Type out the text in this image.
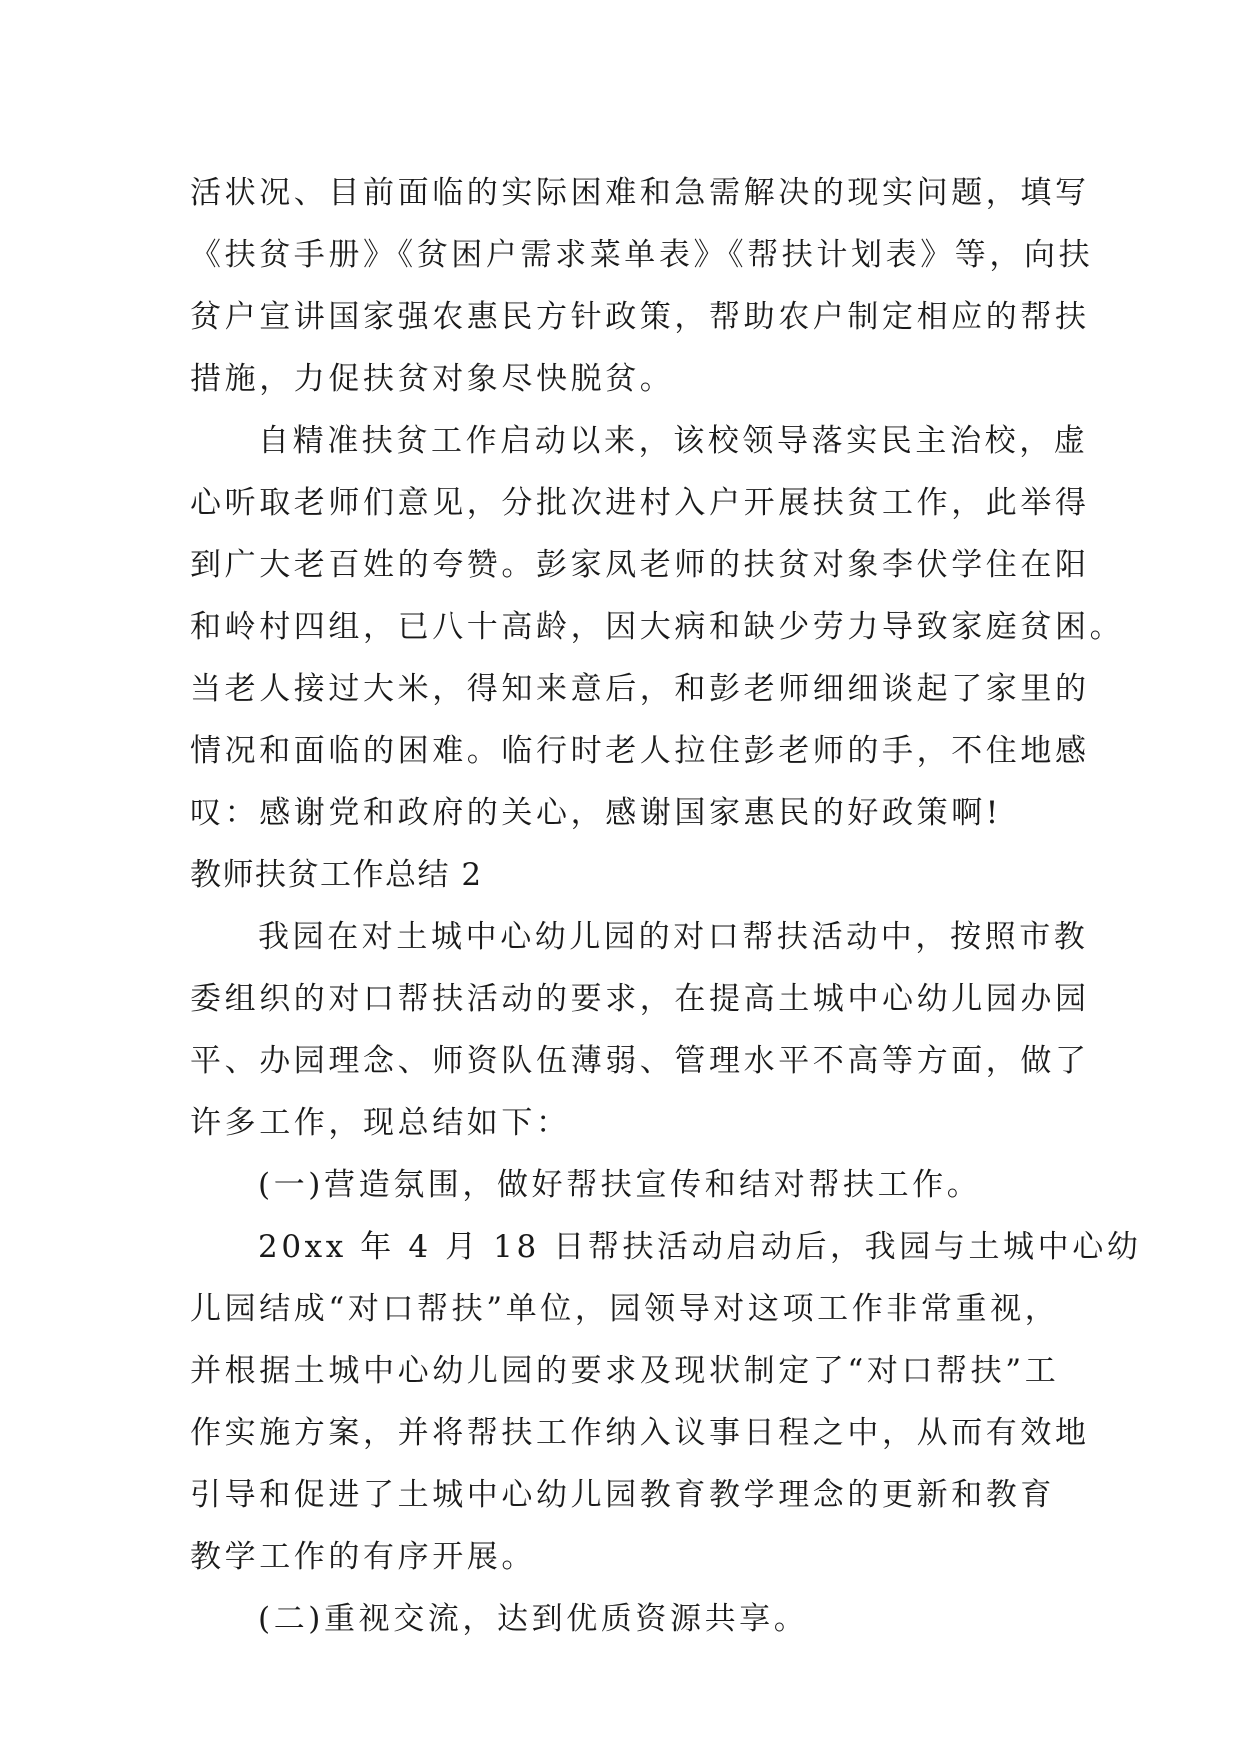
活状况、目前面临的实际困难和急需解决的现实问题，填写
《扶贫手册》《贫困户需求菜单表》《帮扶计划表》等，向扶
贫户宣讲国家强农惠民方针政策，帮助农户制定相应的帮扶
措施，力促扶贫对象尽快脱贫。
自精准扶贫工作启动以来，该校领导落实民主治校，虚
心听取老师们意见，分批次进村入户开展扶贫工作，此举得
到广大老百姓的夸赞。彭家凤老师的扶贫对象李伏学住在阳
和岭村四组，已八十高龄，因大病和缺少劳力导致家庭贫困。
当老人接过大米，得知来意后，和彭老师细细谈起了家里的
情况和面临的困难。临行时老人拉住彭老师的手，不住地感
叹：感谢党和政府的关心，感谢国家惠民的好政策啊!
教师扶贫工作总结 2
我园在对土城中心幼儿园的对口帮扶活动中，按照市教
委组织的对口帮扶活动的要求，在提高土城中心幼儿园办园
平、办园理念、师资队伍薄弱、管理水平不高等方面，做了
许多工作，现总结如下：
(一)营造氛围，做好帮扶宣传和结对帮扶工作。
20xx 年 4 月 18 日帮扶活动启动后，我园与土城中心幼
儿园结成“对口帮扶”单位，园领导对这项工作非常重视，
并根据土城中心幼儿园的要求及现状制定了“对口帮扶”工
作实施方案，并将帮扶工作纳入议事日程之中，从而有效地
引导和促进了土城中心幼儿园教育教学理念的更新和教育
教学工作的有序开展。
(二)重视交流，达到优质资源共享。
